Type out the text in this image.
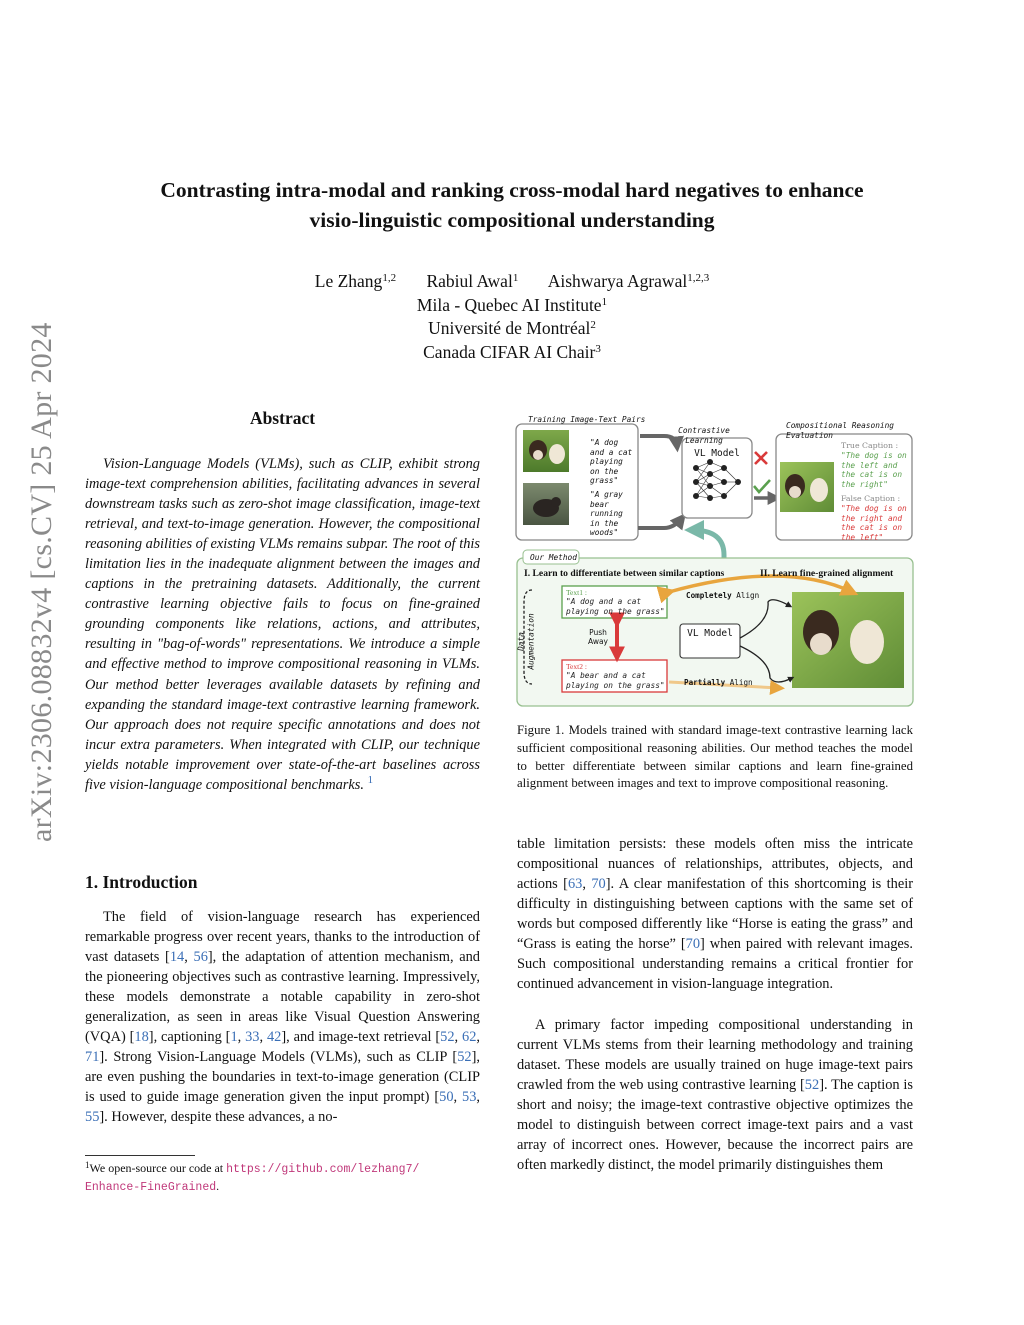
Contrasting intra-modal and ranking cross-modal hard negatives to enhance
visio-linguistic compositional understanding
Le Zhang$^{1,2}$ Rabiul Awal$^1$ Aishwarya Agrawal$^{1,2,3}$
Mila - Quebec AI Institute$^1$
Université de Montréal$^2$
Canada CIFAR AI Chair$^3$
arXiv:2306.08832v4 [cs.CV] 25 Apr 2024	Abstract

Vision-Language Models (VLMs), such as CLIP, exhibit strong image-text comprehension abilities, facilitating advances in several downstream tasks such as zero-shot image classification, image-text retrieval, and text-to-image generation. However, the compositional reasoning abilities of existing VLMs remains subpar. The root of this limitation lies in the inadequate alignment between the images and captions in the pretraining datasets. Additionally, the current contrastive learning objective fails to focus on fine-grained grounding components like relations, actions, and attributes, resulting in "bag-of-words" representations. We introduce a simple and effective method to improve compositional reasoning in VLMs. Our method better leverages available datasets by refining and expanding the standard image-text contrastive learning framework. Our approach does not require specific annotations and does not incur extra parameters. When integrated with CLIP, our technique yields notable improvement over state-of-the-art baselines across five vision-language compositional benchmarks. $^1$

1. Introduction

The field of vision-language research has experienced remarkable progress over recent years, thanks to the introduction of vast datasets [14, 56], the adaptation of attention mechanism, and the pioneering objectives such as contrastive learning. Impressively, these models demonstrate a notable capability in zero-shot generalization, as seen in areas like Visual Question Answering (VQA) [18], captioning [1, 33, 42], and image-text retrieval [52, 62, 71]. Strong Vision-Language Models (VLMs), such as CLIP [52], are even pushing the boundaries in text-to-image generation (CLIP is used to guide image generation given the input prompt) [50, 53, 55]. However, despite these advances, a no-

$^1$We open-source our code at https://github.com/lezhang7/
Enhance-FineGrained.
Training Image-Text Pairs
"A dog and a cat playing on the grass"
"A gray bear running in the woods"
Contrastive Learning
VL Model
Compositional Reasoning Evaluation
True Caption :
"The dog is on the left and the cat is on the right"
False Caption :
"The dog is on the right and the cat is on the left"
Our Method
I. Learn to differentiate between similar captions	II. Learn fine-grained alignment
Data Augmentation
Text1 :
"A dog and a cat playing on the grass"
Text2 :
"A bear and a cat playing on the grass"
Push Away
VL Model
Completely Align
Partially Align
Figure 1. Models trained with standard image-text contrastive learning lack sufficient compositional reasoning abilities. Our method teaches the model to better differentiate between similar captions and learn fine-grained alignment between images and text to improve compositional reasoning.

table limitation persists: these models often miss the intricate compositional nuances of relationships, attributes, objects, and actions [63, 70]. A clear manifestation of this shortcoming is their difficulty in distinguishing between captions with the same set of words but composed differently like “Horse is eating the grass” and “Grass is eating the horse” [70] when paired with relevant images. Such compositional understanding remains a critical frontier for continued advancement in vision-language integration.

A primary factor impeding compositional understanding in current VLMs stems from their learning methodology and training dataset. These models are usually trained on huge image-text pairs crawled from the web using contrastive learning [52]. The caption is short and noisy; the image-text contrastive objective optimizes the model to distinguish between correct image-text pairs and a vast array of incorrect ones. However, because the incorrect pairs are often markedly distinct, the model primarily distinguishes them
